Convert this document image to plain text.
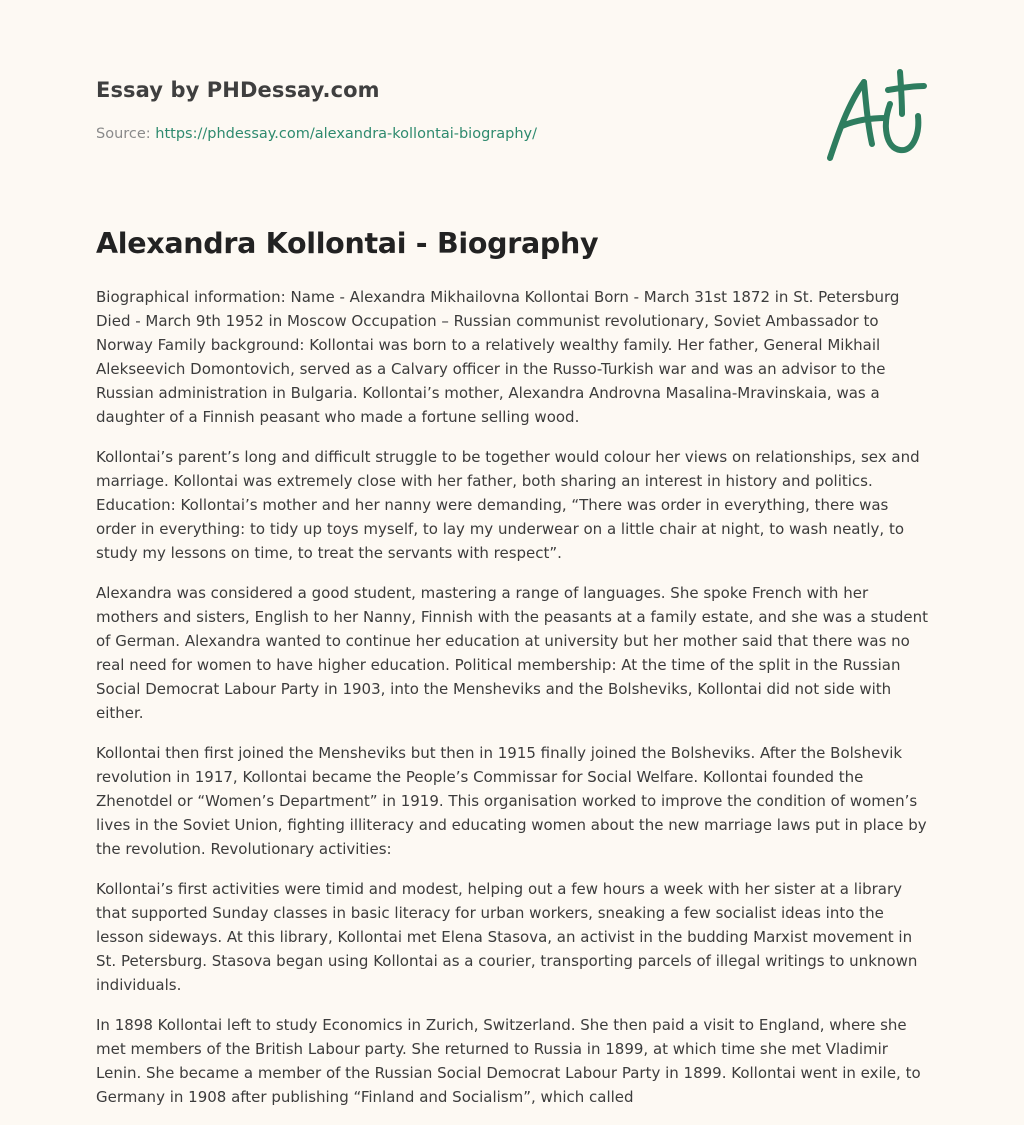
Essay by PHDessay.com
Source: https://phdessay.com/alexandra-kollontai-biography/
Alexandra Kollontai - Biography

Biographical information: Name - Alexandra Mikhailovna Kollontai Born - March 31st 1872 in St. Petersburg Died - March 9th 1952 in Moscow Occupation – Russian communist revolutionary, Soviet Ambassador to Norway Family background: Kollontai was born to a relatively wealthy family. Her father, General Mikhail Alekseevich Domontovich, served as a Calvary officer in the Russo-Turkish war and was an advisor to the Russian administration in Bulgaria. Kollontai’s mother, Alexandra Androvna Masalina-Mravinskaia, was a daughter of a Finnish peasant who made a fortune selling wood.

Kollontai’s parent’s long and difficult struggle to be together would colour her views on relationships, sex and marriage. Kollontai was extremely close with her father, both sharing an interest in history and politics. Education: Kollontai’s mother and her nanny were demanding, “There was order in everything, there was order in everything: to tidy up toys myself, to lay my underwear on a little chair at night, to wash neatly, to study my lessons on time, to treat the servants with respect”.

Alexandra was considered a good student, mastering a range of languages. She spoke French with her mothers and sisters, English to her Nanny, Finnish with the peasants at a family estate, and she was a student of German. Alexandra wanted to continue her education at university but her mother said that there was no real need for women to have higher education. Political membership: At the time of the split in the Russian Social Democrat Labour Party in 1903, into the Mensheviks and the Bolsheviks, Kollontai did not side with either.

Kollontai then first joined the Mensheviks but then in 1915 finally joined the Bolsheviks. After the Bolshevik revolution in 1917, Kollontai became the People’s Commissar for Social Welfare. Kollontai founded the Zhenotdel or “Women’s Department” in 1919. This organisation worked to improve the condition of women’s lives in the Soviet Union, fighting illiteracy and educating women about the new marriage laws put in place by the revolution. Revolutionary activities:

Kollontai’s first activities were timid and modest, helping out a few hours a week with her sister at a library that supported Sunday classes in basic literacy for urban workers, sneaking a few socialist ideas into the lesson sideways. At this library, Kollontai met Elena Stasova, an activist in the budding Marxist movement in St. Petersburg. Stasova began using Kollontai as a courier, transporting parcels of illegal writings to unknown individuals.

In 1898 Kollontai left to study Economics in Zurich, Switzerland. She then paid a visit to England, where she met members of the British Labour party. She returned to Russia in 1899, at which time she met Vladimir Lenin. She became a member of the Russian Social Democrat Labour Party in 1899. Kollontai went in exile, to Germany in 1908 after publishing “Finland and Socialism”, which called
